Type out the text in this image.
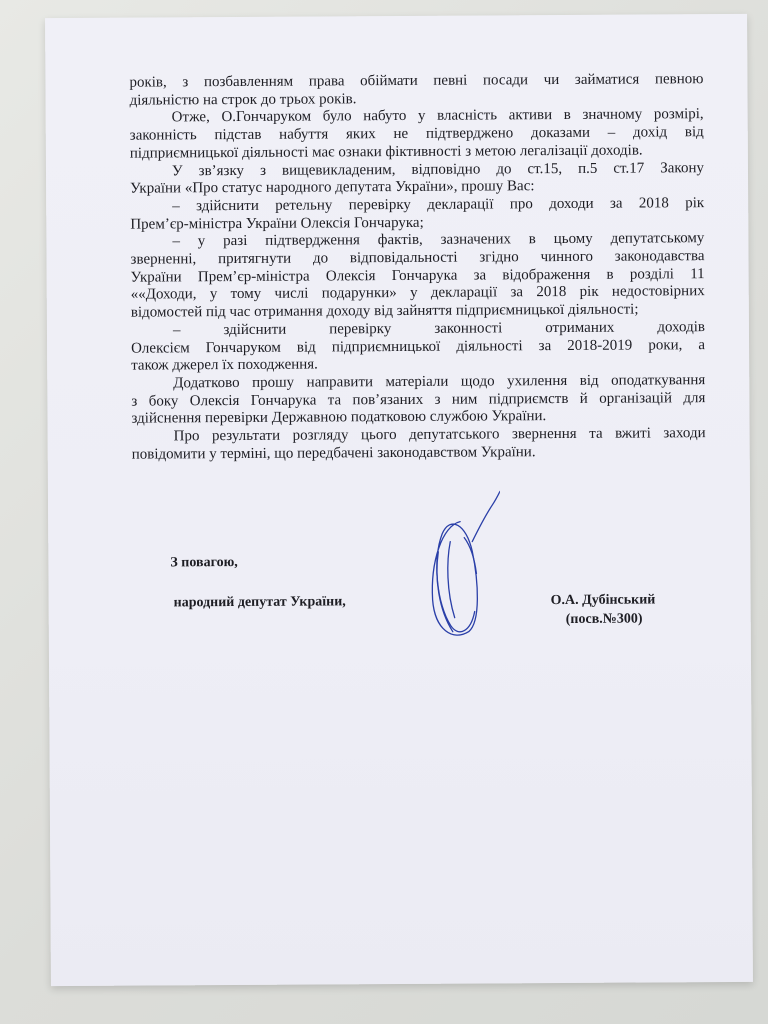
років, з позбавленням права обіймати певні посади чи займатися певною

діяльністю на строк до трьох років.

Отже, О.Гончаруком було набуто у власність активи в значному розмірі,

законність підстав набуття яких не підтверджено доказами – дохід від

підприємницької діяльності має ознаки фіктивності з метою легалізації доходів.

У зв’язку з вищевикладеним, відповідно до ст.15, п.5 ст.17 Закону

України «Про статус народного депутата України», прошу Вас:

– здійснити ретельну перевірку декларації про доходи за 2018 рік

Прем’єр-міністра України Олексія Гончарука;

– у разі підтвердження фактів, зазначених в цьому депутатському

зверненні, притягнути до відповідальності згідно чинного законодавства

України Прем’єр-міністра Олексія Гончарука за відображення в розділі 11

««Доходи, у тому числі подарунки» у декларації за 2018 рік недостовірних

відомостей під час отримання доходу від зайняття підприємницької діяльності;

– здійснити перевірку законності отриманих доходів

Олексієм Гончаруком від підприємницької діяльності за 2018-2019 роки, а

також джерел їх походження.

Додатково прошу направити матеріали щодо ухилення від оподаткування

з боку Олексія Гончарука та пов’язаних з ним підприємств й організацій для

здійснення перевірки Державною податковою службою України.

Про результати розгляду цього депутатського звернення та вжиті заходи

повідомити у терміні, що передбачені законодавством України.

З повагою,
народний депутат України,	О.А. Дубінський
(посв.№300)
